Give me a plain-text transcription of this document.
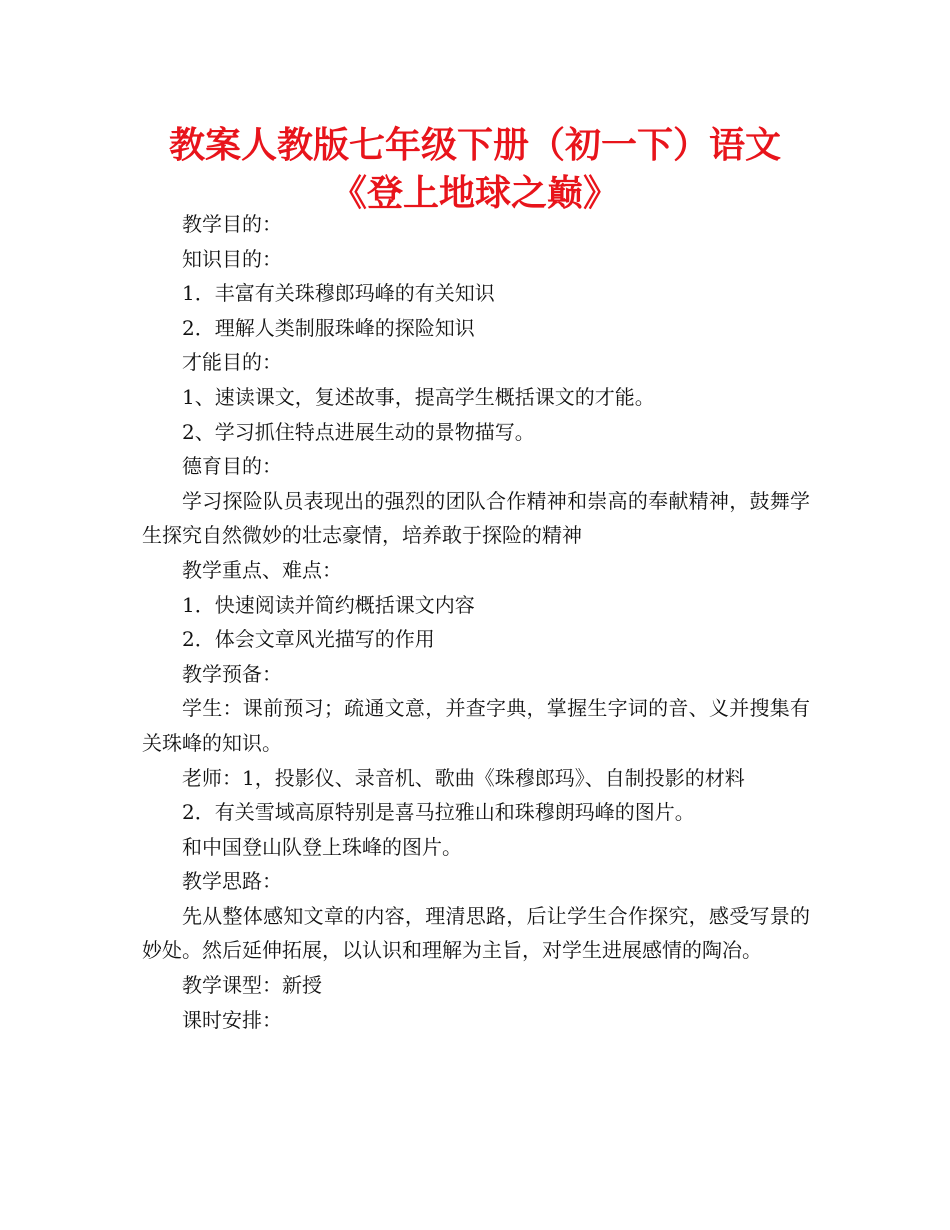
教案人教版七年级下册（初一下）语文
《登上地球之巅》

教学目的：

知识目的：

1．丰富有关珠穆郎玛峰的有关知识

2．理解人类制服珠峰的探险知识

才能目的：

1、速读课文，复述故事，提高学生概括课文的才能。

2、学习抓住特点进展生动的景物描写。

德育目的：

学习探险队员表现出的强烈的团队合作精神和崇高的奉献精神，鼓舞学生探究自然微妙的壮志豪情，培养敢于探险的精神

教学重点、难点：

1．快速阅读并简约概括课文内容

2．体会文章风光描写的作用

教学预备：

学生：课前预习；疏通文意，并查字典，掌握生字词的音、义并搜集有关珠峰的知识。

老师：1，投影仪、录音机、歌曲《珠穆郎玛》、自制投影的材料

2．有关雪域高原特别是喜马拉雅山和珠穆朗玛峰的图片。

和中国登山队登上珠峰的图片。

教学思路：

先从整体感知文章的内容，理清思路，后让学生合作探究，感受写景的妙处。然后延伸拓展，以认识和理解为主旨，对学生进展感情的陶冶。

教学课型：新授

课时安排：
